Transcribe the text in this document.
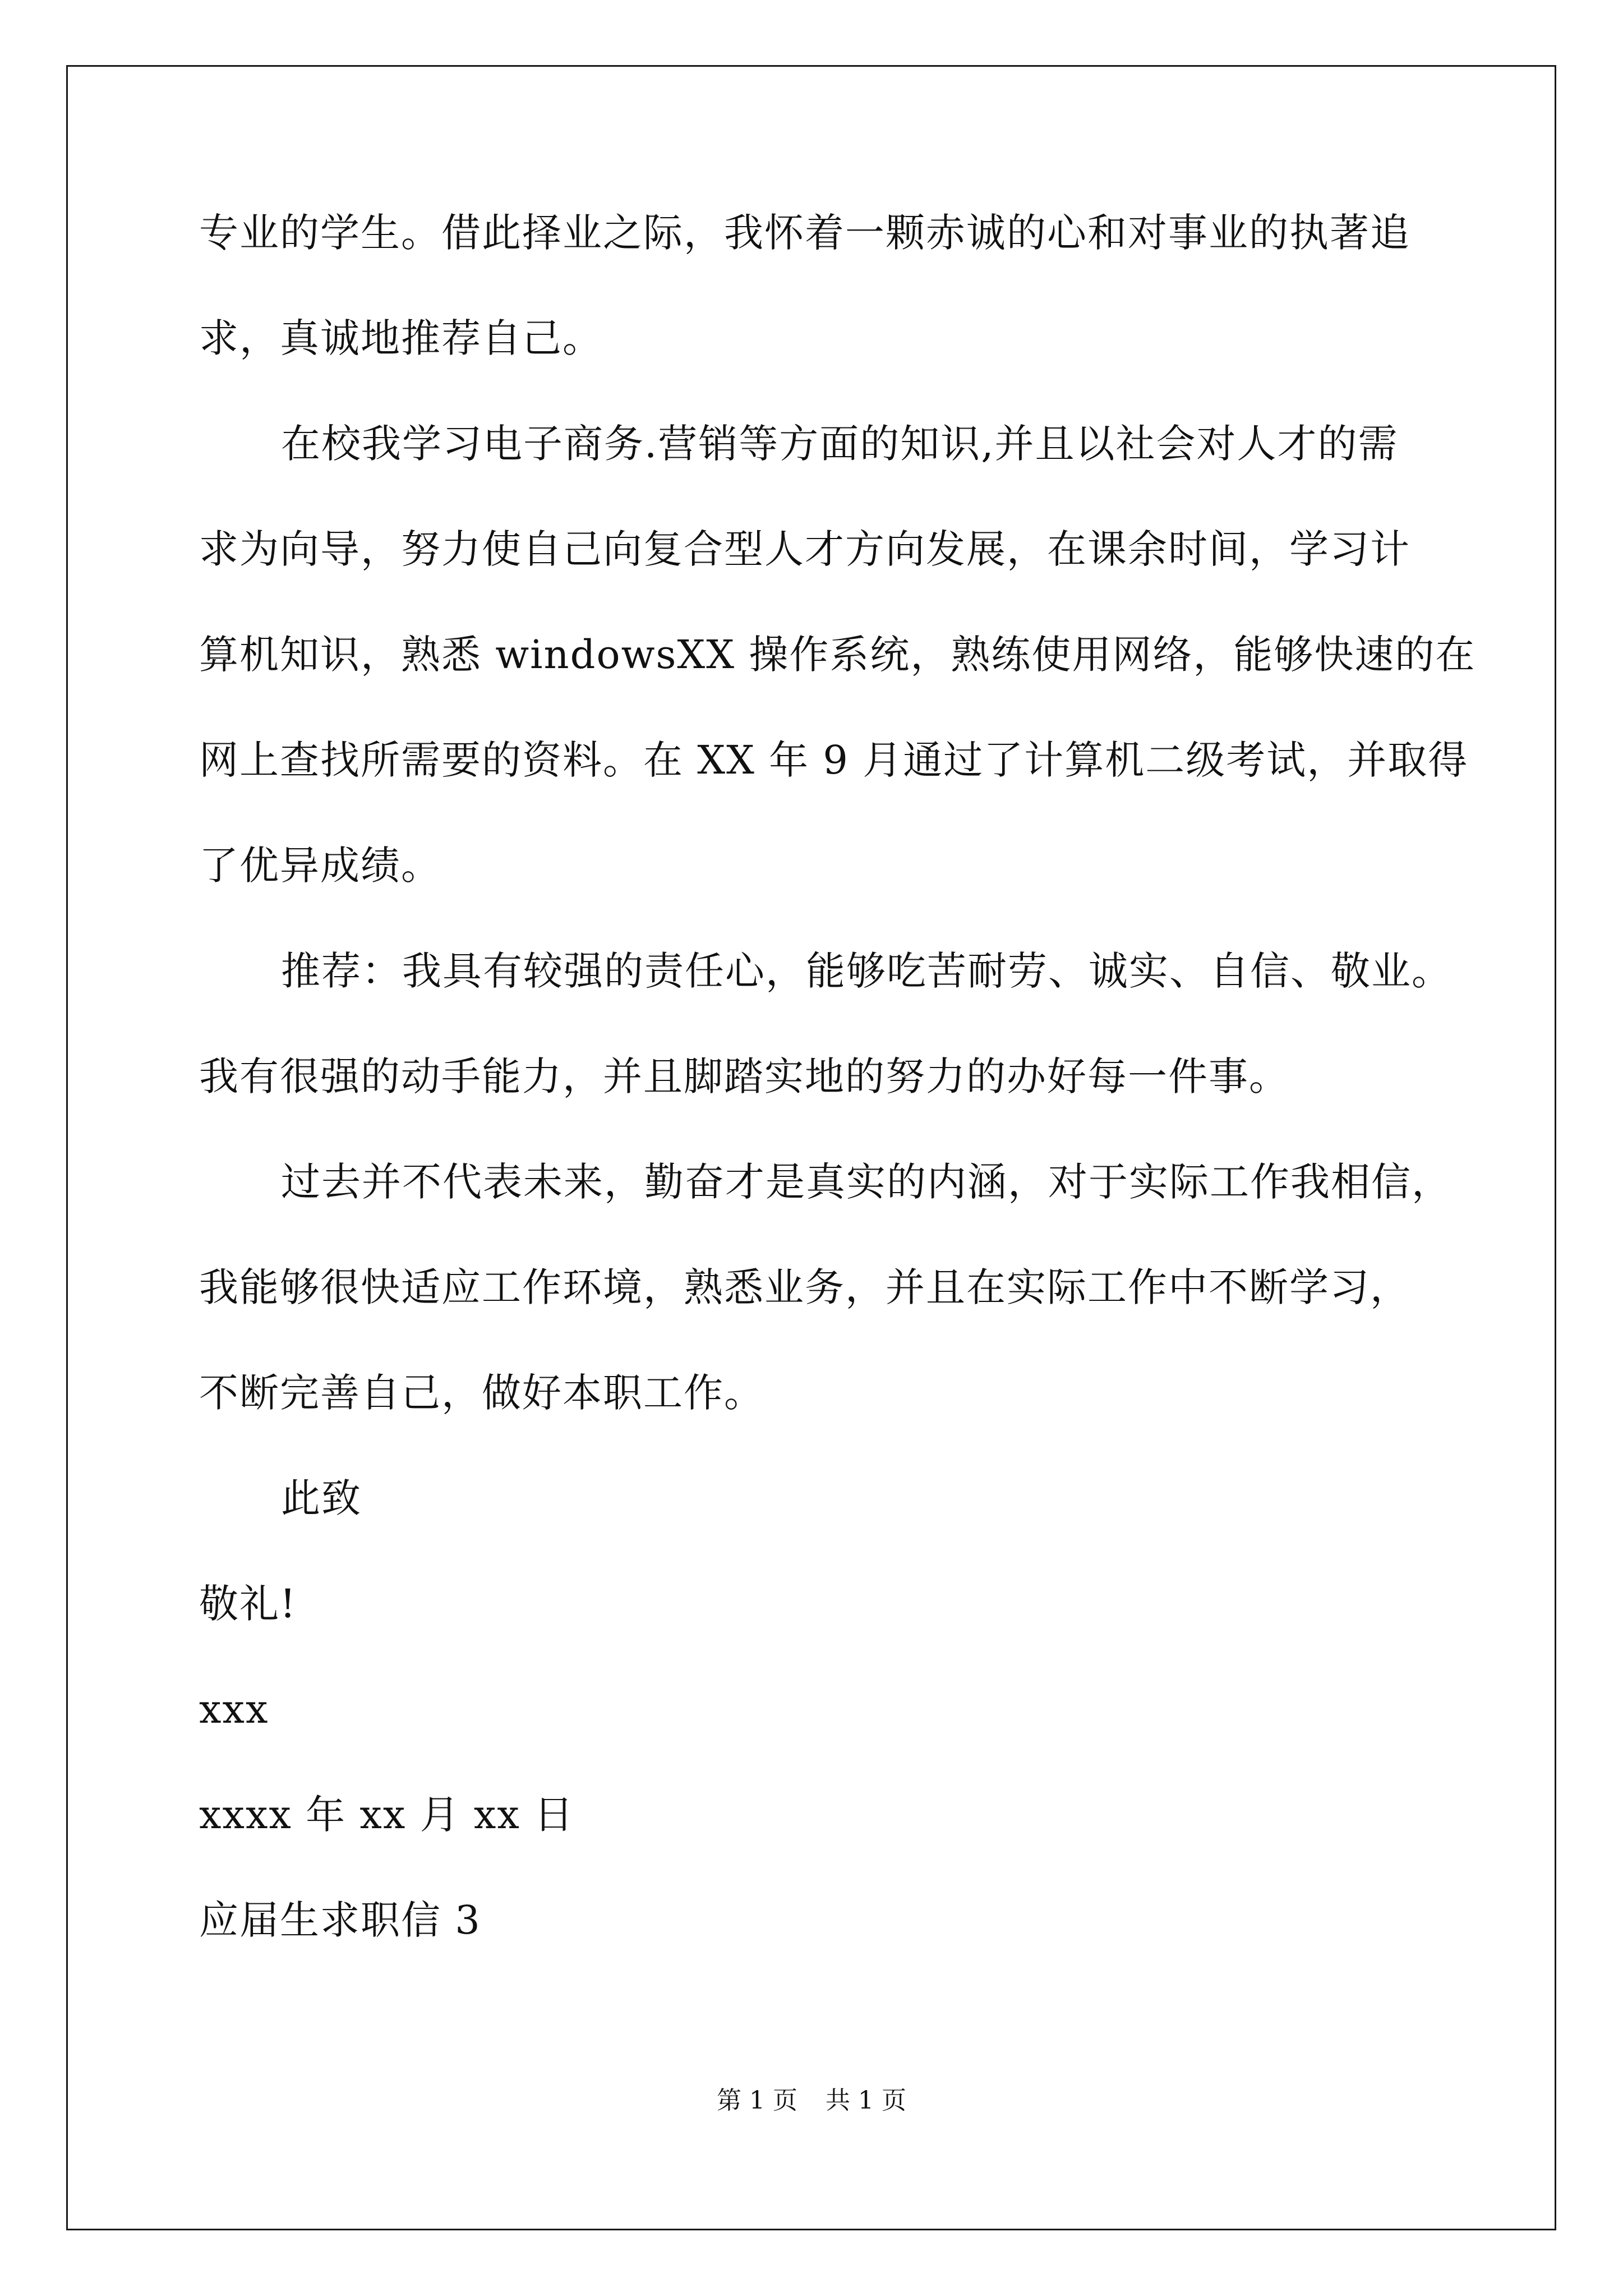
专业的学生。借此择业之际，我怀着一颗赤诚的心和对事业的执著追
求，真诚地推荐自己。
在校我学习电子商务.营销等方面的知识,并且以社会对人才的需
求为向导，努力使自己向复合型人才方向发展，在课余时间，学习计
算机知识，熟悉 windowsXX 操作系统，熟练使用网络，能够快速的在
网上查找所需要的资料。在 XX 年 9 月通过了计算机二级考试，并取得
了优异成绩。
推荐：我具有较强的责任心，能够吃苦耐劳、诚实、自信、敬业。
我有很强的动手能力，并且脚踏实地的努力的办好每一件事。
过去并不代表未来，勤奋才是真实的内涵，对于实际工作我相信，
我能够很快适应工作环境，熟悉业务，并且在实际工作中不断学习，
不断完善自己，做好本职工作。
此致
敬礼!
xxx
xxxx 年 xx 月 xx 日
应届生求职信 3
第 1 页 共 1 页
